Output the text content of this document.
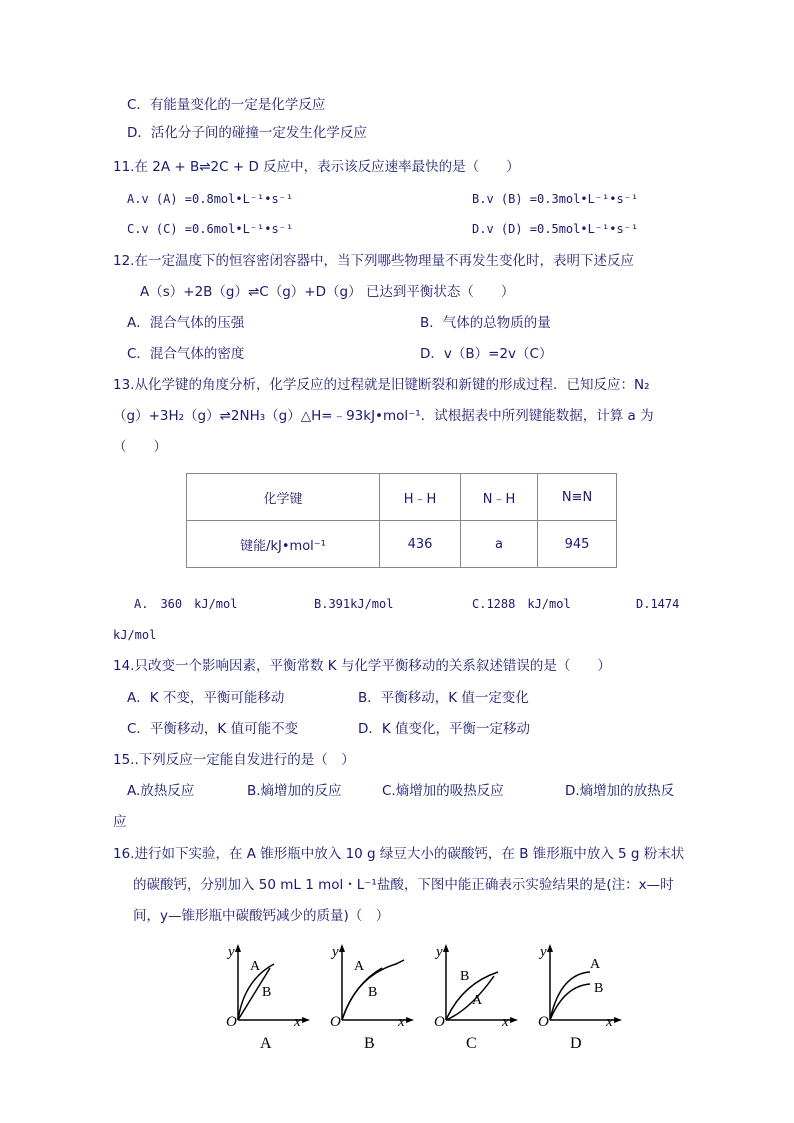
C．有能量变化的一定是化学反应
D．活化分子间的碰撞一定发生化学反应
11.在 2A + B⇌2C + D 反应中，表示该反应速率最快的是（　　）
A.v (A) =0.8mol•L⁻¹•s⁻¹	B.v (B) =0.3mol•L⁻¹•s⁻¹
C.v (C) =0.6mol•L⁻¹•s⁻¹	D.v (D) =0.5mol•L⁻¹•s⁻¹
12.在一定温度下的恒容密闭容器中，当下列哪些物理量不再发生变化时，表明下述反应
A（s）+2B（g）⇌C（g）+D（g） 已达到平衡状态（　　）
A．混合气体的压强	B．气体的总物质的量
C．混合气体的密度	D．v（B）=2v（C）
13.从化学键的角度分析，化学反应的过程就是旧键断裂和新键的形成过程．已知反应：N₂
（g）+3H₂（g）⇌2NH₃（g）△H=﹣93kJ•mol⁻¹．试根据表中所列键能数据，计算 a 为
（　　）
化学键	H﹣H	N﹣H	N≡N
键能/kJ•mol⁻¹	436	a	945
A.　360　kJ/mol	B.391kJ/mol	C.1288　kJ/mol	D.1474
kJ/mol
14.只改变一个影响因素，平衡常数 K 与化学平衡移动的关系叙述错误的是（　　）
A．K 不变，平衡可能移动	B．平衡移动，K 值一定变化
C．平衡移动，K 值可能不变	D．K 值变化，平衡一定移动
15..下列反应一定能自发进行的是（　）
A.放热反应	B.熵增加的反应	C.熵增加的吸热反应	D.熵增加的放热反
应
16.进行如下实验，在 A 锥形瓶中放入 10 g 绿豆大小的碳酸钙，在 B 锥形瓶中放入 5 g 粉末状
的碳酸钙，分别加入 50 mL 1 mol・L⁻¹盐酸，下图中能正确表示实验结果的是(注：x—时
间，y—锥形瓶中碳酸钙减少的质量)（　）
y
O	x
A
B
A
y
O	x
A
B
B
y
O	x
B
A
C
y
O	x
A
B
D
